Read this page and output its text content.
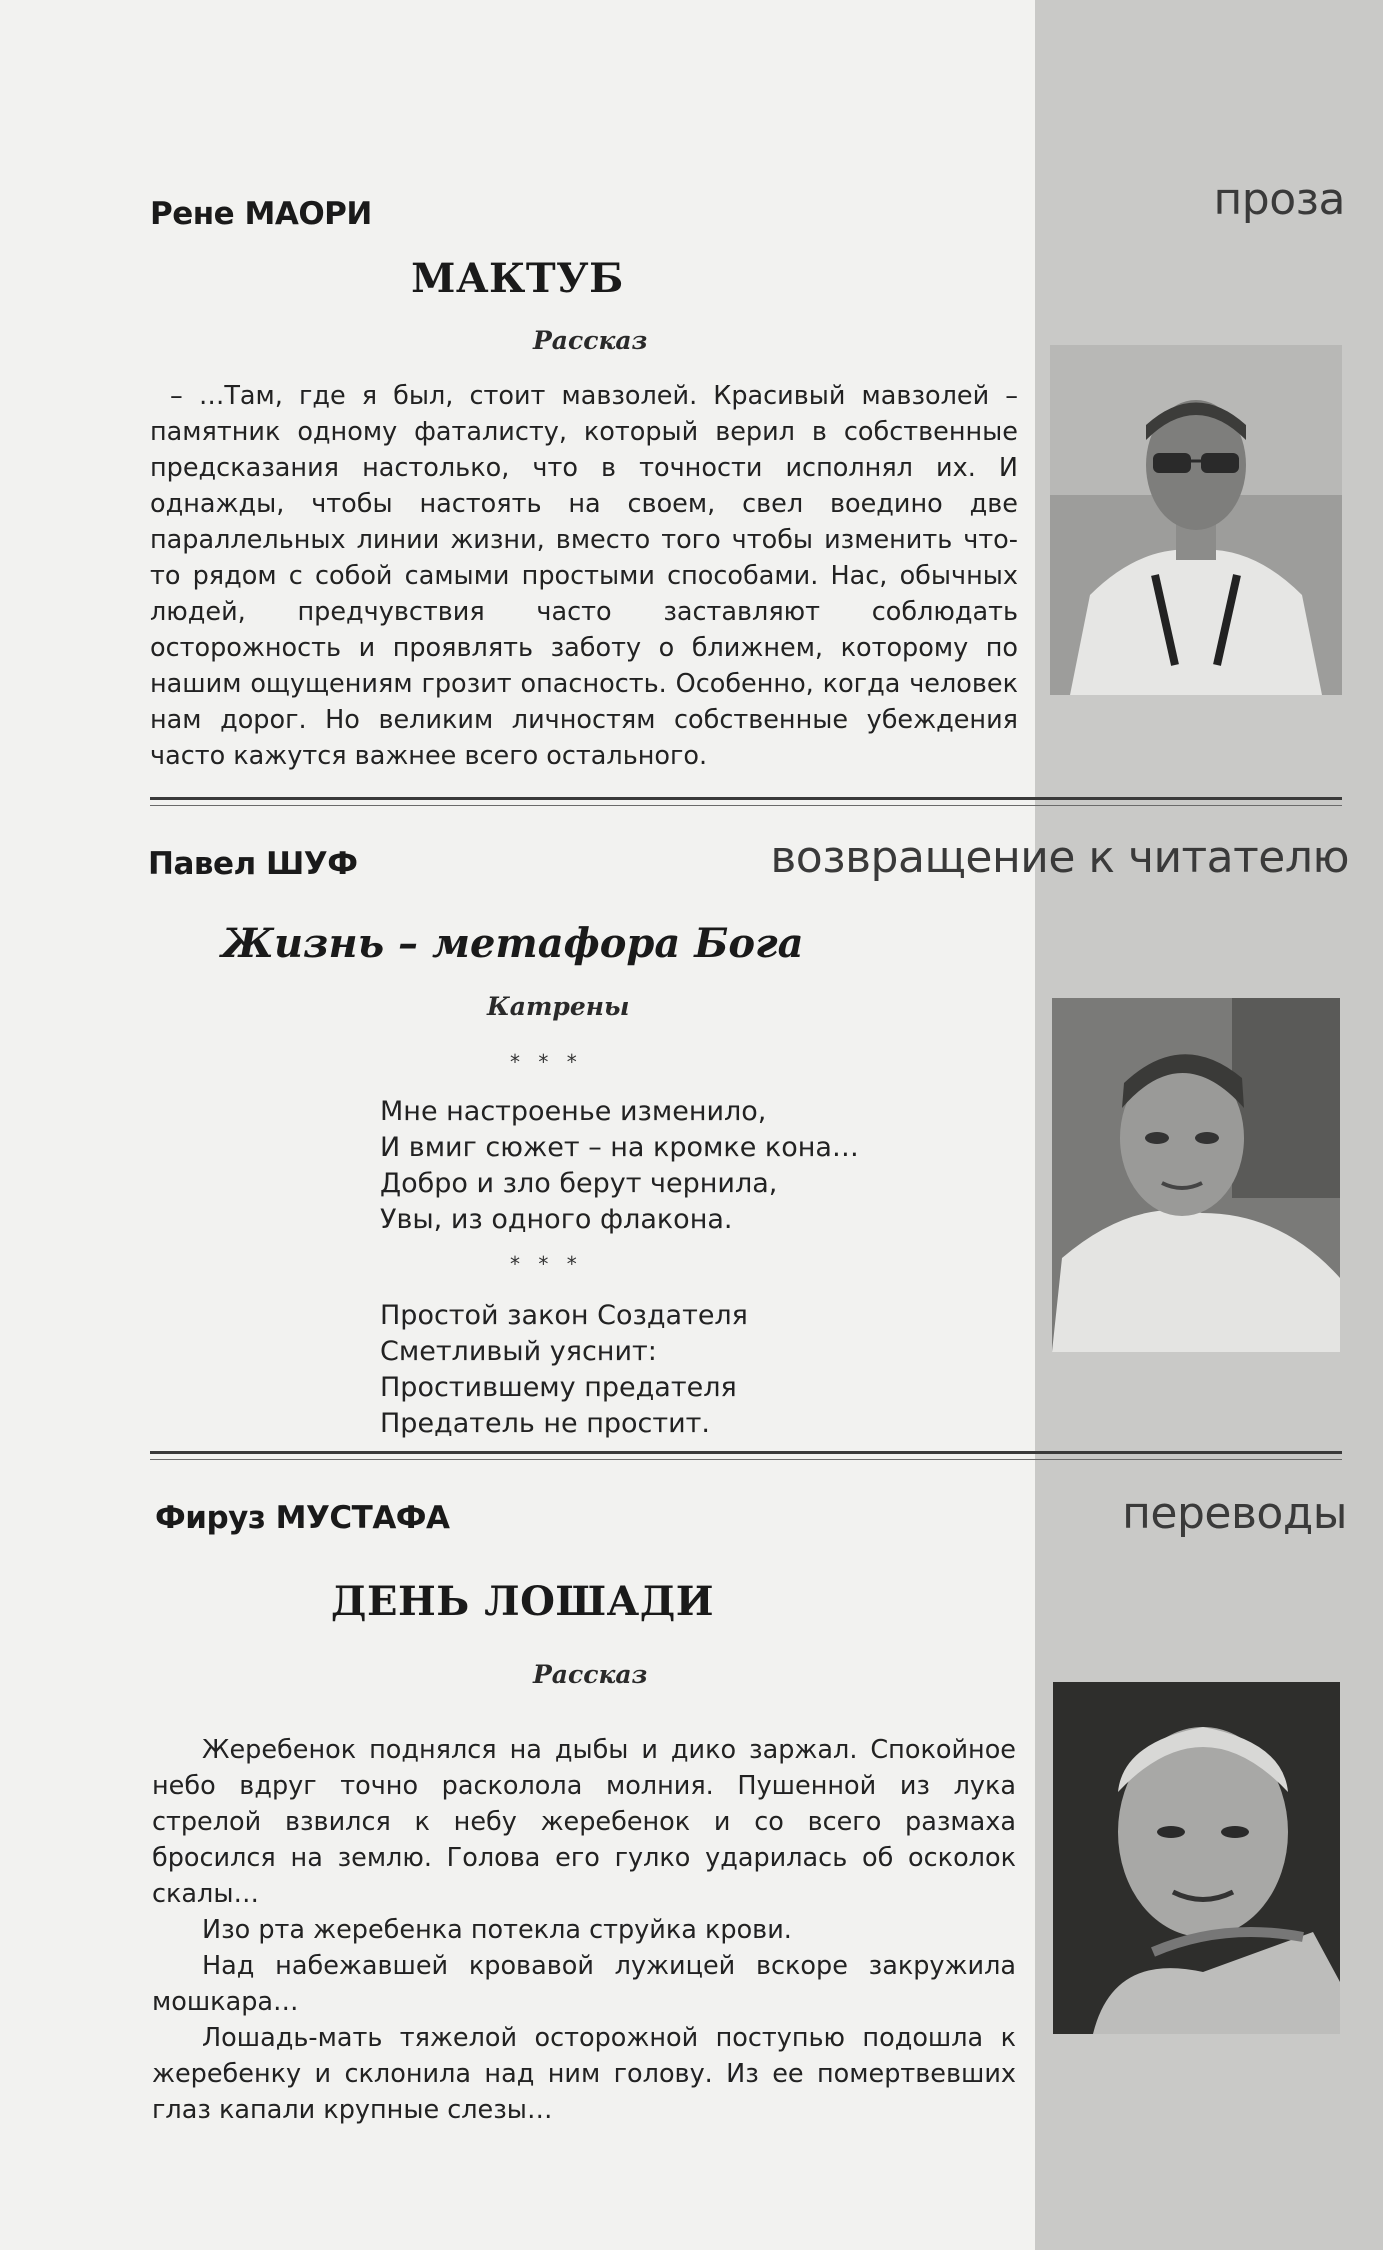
Рене МАОРИ	проза
МАКТУБ
Рассказ

– …Там, где я был, стоит мавзолей. Красивый мавзолей – памятник одному фаталисту, который верил в собственные предсказания настолько, что в точности исполнял их. И однажды, чтобы настоять на своем, свел воедино две параллельных линии жизни, вместо того чтобы изменить что-то рядом с собой самыми простыми способами. Нас, обычных людей, предчувствия часто заставляют соблюдать осторожность и проявлять заботу о ближнем, которому по нашим ощущениям грозит опасность. Особенно, когда человек нам дорог. Но великим личностям собственные убеждения часто кажутся важнее всего остального.

Павел ШУФ	возвращение к читателю
Жизнь – метафора Бога
Катрены
* * *
Мне настроенье изменило,
И вмиг сюжет – на кромке кона…
Добро и зло берут чернила,
Увы, из одного флакона.
* * *
Простой закон Создателя
Сметливый уяснит:
Простившему предателя
Предатель не простит.
Фируз МУСТАФА	переводы
ДЕНЬ ЛОШАДИ
Рассказ

Жеребенок поднялся на дыбы и дико заржал. Спокойное небо вдруг точно расколола молния. Пушенной из лука стрелой взвился к небу жеребенок и со всего размаха бросился на землю. Голова его гулко ударилась об осколок скалы…

Изо рта жеребенка потекла струйка крови.

Над набежавшей кровавой лужицей вскоре закружила мошкара…

Лошадь-мать тяжелой осторожной поступью подошла к жеребенку и склонила над ним голову. Из ее помертвевших глаз капали крупные слезы…
